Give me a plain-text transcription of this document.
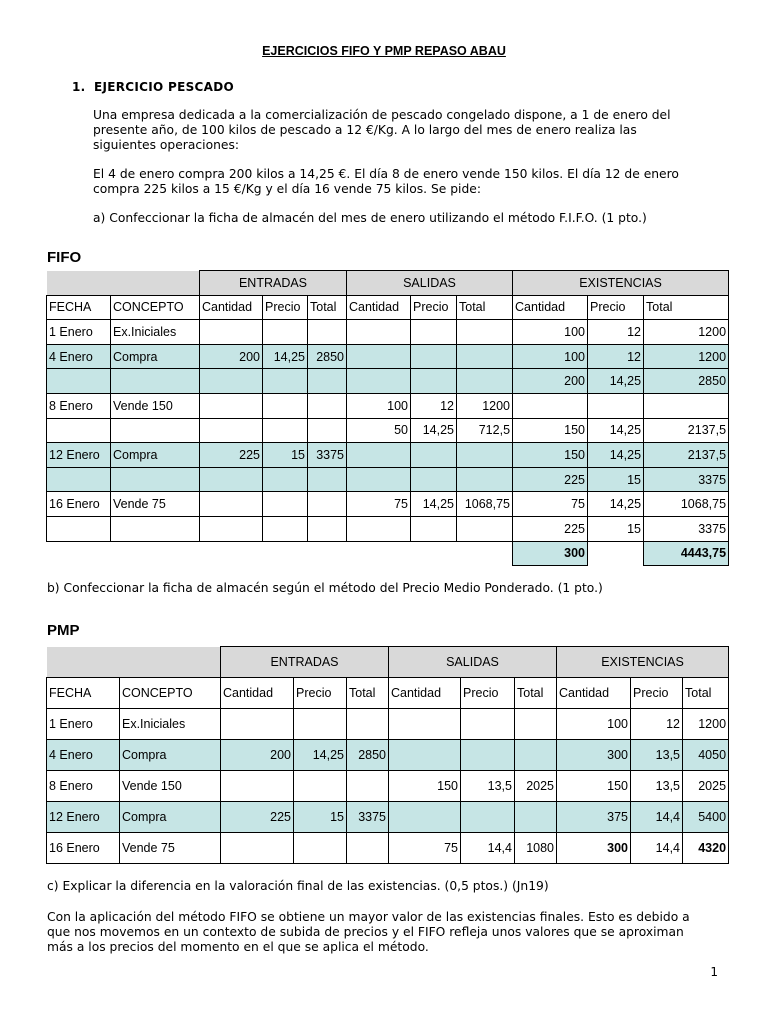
EJERCICIOS FIFO Y PMP REPASO ABAU
1. EJERCICIO PESCADO
Una empresa dedicada a la comercialización de pescado congelado dispone, a 1 de enero del
presente año, de 100 kilos de pescado a 12 €/Kg. A lo largo del mes de enero realiza las
siguientes operaciones:
El 4 de enero compra 200 kilos a 14,25 €. El día 8 de enero vende 150 kilos. El día 12 de enero
compra 225 kilos a 15 €/Kg y el día 16 vende 75 kilos. Se pide:
a) Confeccionar la ficha de almacén del mes de enero utilizando el método F.I.F.O. (1 pto.)
FIFO
		ENTRADAS			SALIDAS			EXISTENCIAS		
FECHA	CONCEPTO	Cantidad	Precio	Total	Cantidad	Precio	Total	Cantidad	Precio	Total
1 Enero	Ex.Iniciales							100	12	1200
4 Enero	Compra	200	14,25	2850				100	12	1200
								200	14,25	2850
8 Enero	Vende 150				100	12	1200			
					50	14,25	712,5	150	14,25	2137,5
12 Enero	Compra	225	15	3375				150	14,25	2137,5
								225	15	3375
16 Enero	Vende 75				75	14,25	1068,75	75	14,25	1068,75
								225	15	3375
								300		4443,75
b) Confeccionar la ficha de almacén según el método del Precio Medio Ponderado. (1 pto.)
PMP
		ENTRADAS			SALIDAS			EXISTENCIAS		
FECHA	CONCEPTO	Cantidad	Precio	Total	Cantidad	Precio	Total	Cantidad	Precio	Total
1 Enero	Ex.Iniciales							100	12	1200
4 Enero	Compra	200	14,25	2850				300	13,5	4050
8 Enero	Vende 150				150	13,5	2025	150	13,5	2025
12 Enero	Compra	225	15	3375				375	14,4	5400
16 Enero	Vende 75				75	14,4	1080	300	14,4	4320
c) Explicar la diferencia en la valoración final de las existencias. (0,5 ptos.) (Jn19)
Con la aplicación del método FIFO se obtiene un mayor valor de las existencias finales. Esto es debido a
que nos movemos en un contexto de subida de precios y el FIFO refleja unos valores que se aproximan
más a los precios del momento en el que se aplica el método.
1
